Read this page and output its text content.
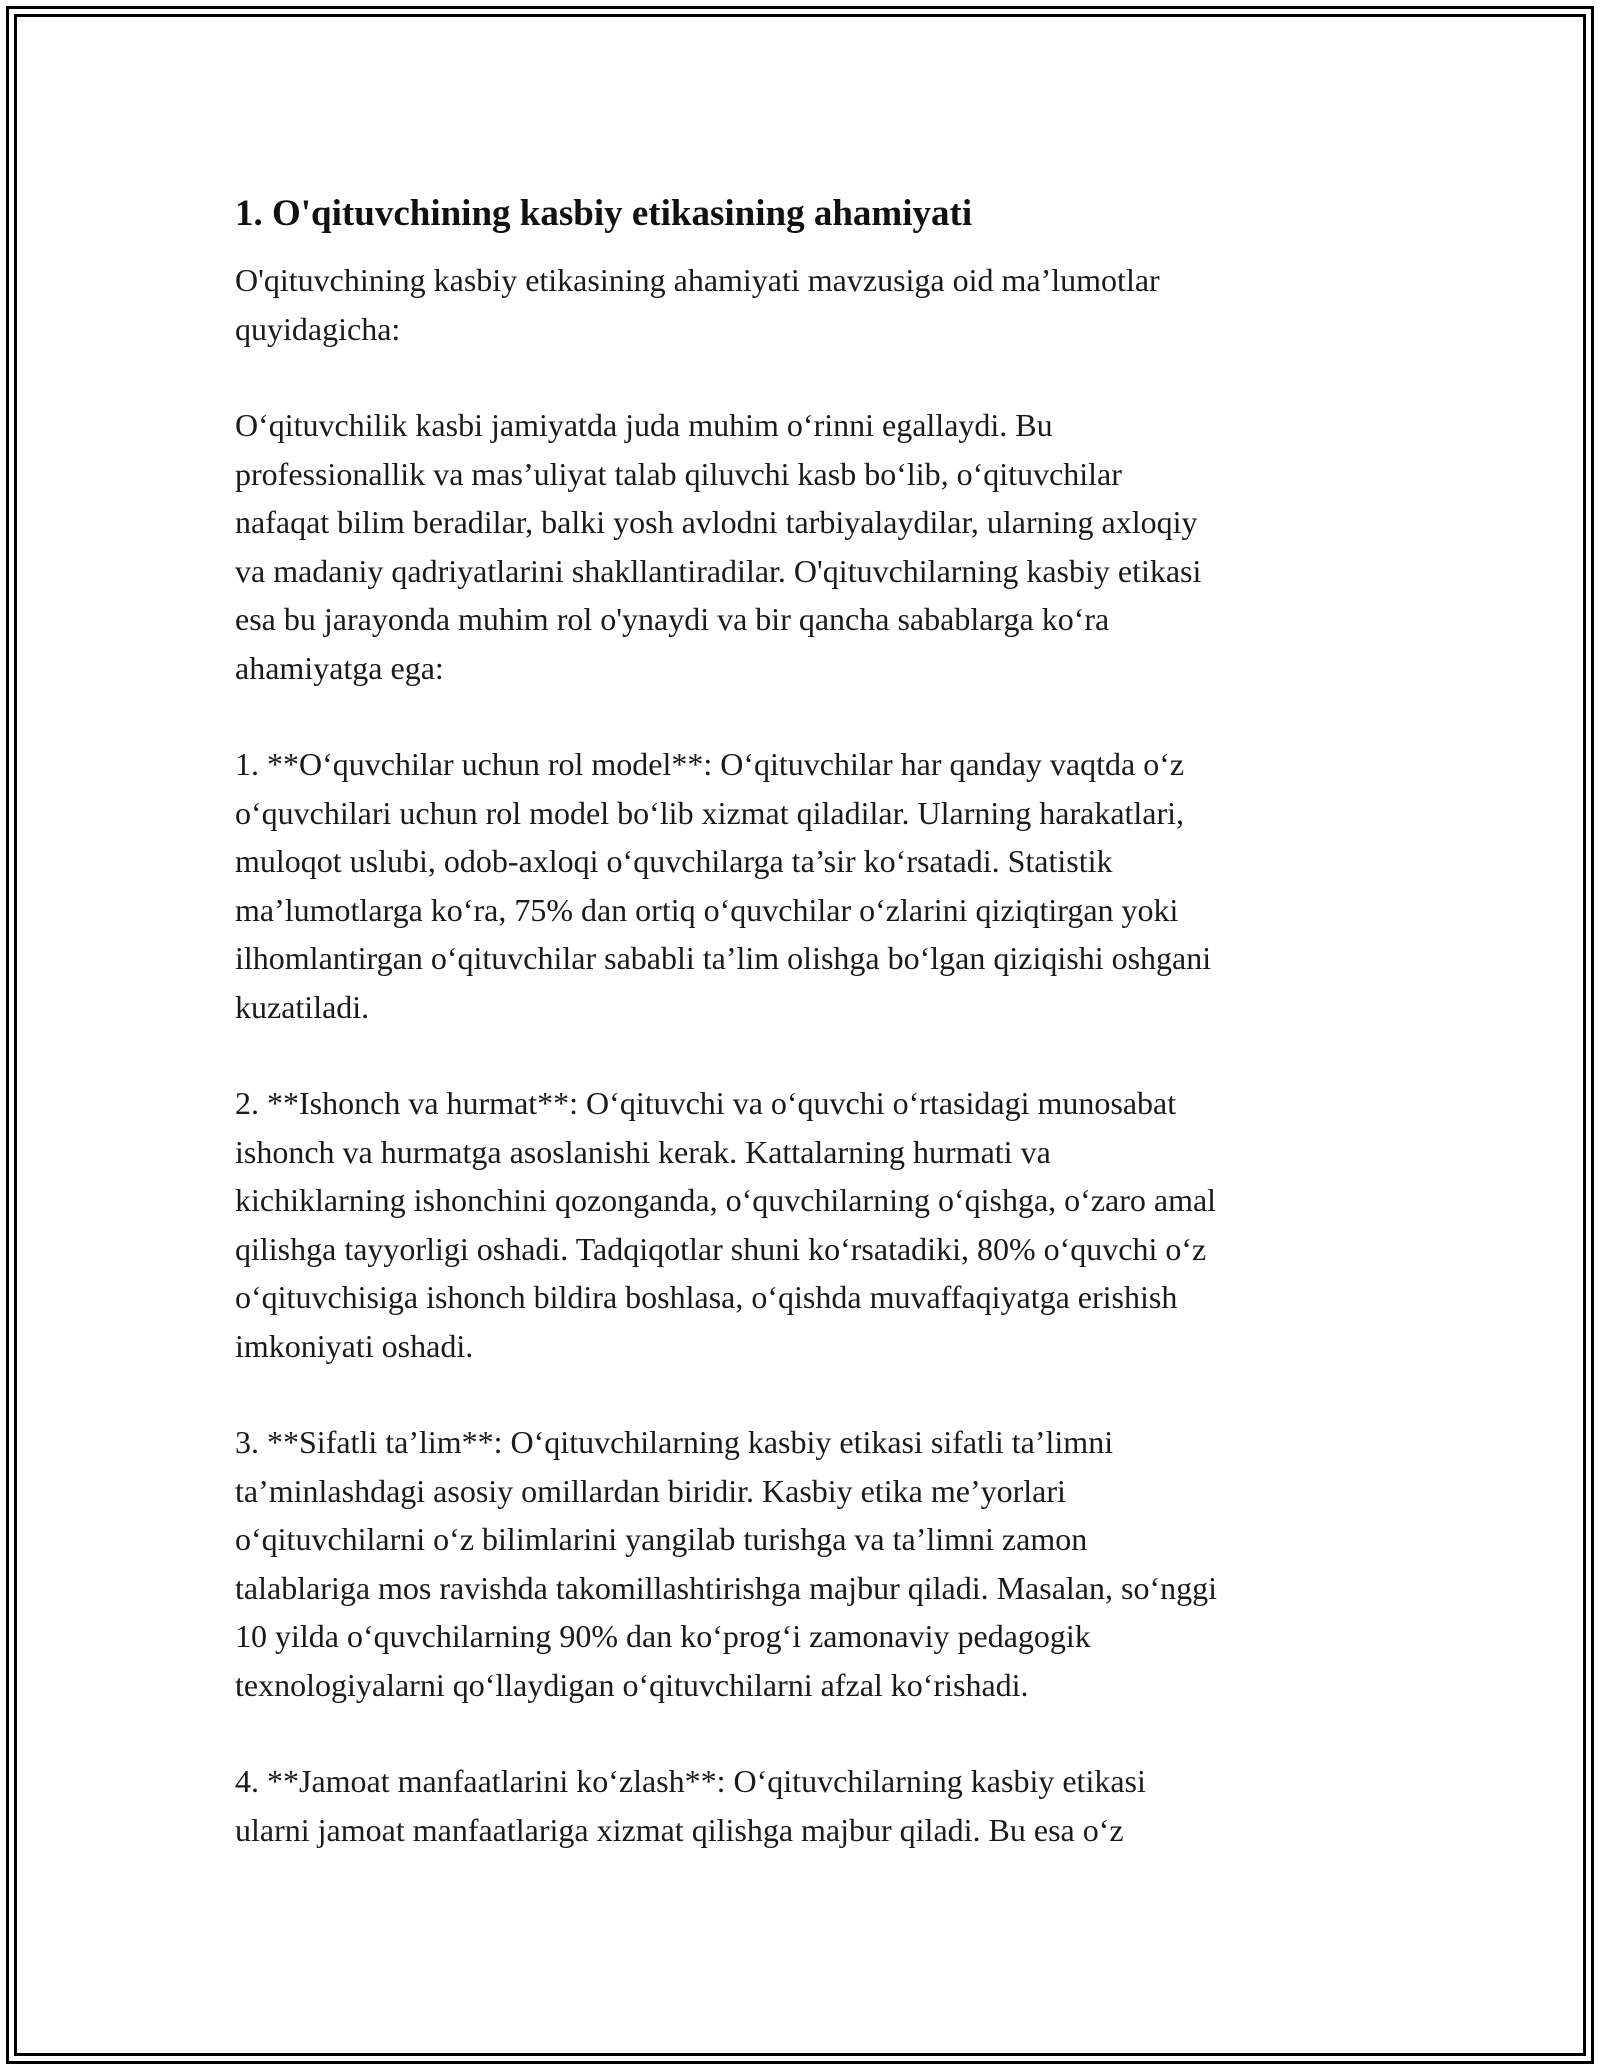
1. O'qituvchining kasbiy etikasining ahamiyati

O'qituvchining kasbiy etikasining ahamiyati mavzusiga oid ma’lumotlar
quyidagicha:

O‘qituvchilik kasbi jamiyatda juda muhim o‘rinni egallaydi. Bu
professionallik va mas’uliyat talab qiluvchi kasb bo‘lib, o‘qituvchilar
nafaqat bilim beradilar, balki yosh avlodni tarbiyalaydilar, ularning axloqiy
va madaniy qadriyatlarini shakllantiradilar. O'qituvchilarning kasbiy etikasi
esa bu jarayonda muhim rol o'ynaydi va bir qancha sabablarga ko‘ra
ahamiyatga ega:

1. **O‘quvchilar uchun rol model**: O‘qituvchilar har qanday vaqtda o‘z
o‘quvchilari uchun rol model bo‘lib xizmat qiladilar. Ularning harakatlari,
muloqot uslubi, odob-axloqi o‘quvchilarga ta’sir ko‘rsatadi. Statistik
ma’lumotlarga ko‘ra, 75% dan ortiq o‘quvchilar o‘zlarini qiziqtirgan yoki
ilhomlantirgan o‘qituvchilar sababli ta’lim olishga bo‘lgan qiziqishi oshgani
kuzatiladi.

2. **Ishonch va hurmat**: O‘qituvchi va o‘quvchi o‘rtasidagi munosabat
ishonch va hurmatga asoslanishi kerak. Kattalarning hurmati va
kichiklarning ishonchini qozonganda, o‘quvchilarning o‘qishga, o‘zaro amal
qilishga tayyorligi oshadi. Tadqiqotlar shuni ko‘rsatadiki, 80% o‘quvchi o‘z
o‘qituvchisiga ishonch bildira boshlasa, o‘qishda muvaffaqiyatga erishish
imkoniyati oshadi.

3. **Sifatli ta’lim**: O‘qituvchilarning kasbiy etikasi sifatli ta’limni
ta’minlashdagi asosiy omillardan biridir. Kasbiy etika me’yorlari
o‘qituvchilarni o‘z bilimlarini yangilab turishga va ta’limni zamon
talablariga mos ravishda takomillashtirishga majbur qiladi. Masalan, so‘nggi
10 yilda o‘quvchilarning 90% dan ko‘prog‘i zamonaviy pedagogik
texnologiyalarni qo‘llaydigan o‘qituvchilarni afzal ko‘rishadi.

4. **Jamoat manfaatlarini ko‘zlash**: O‘qituvchilarning kasbiy etikasi
ularni jamoat manfaatlariga xizmat qilishga majbur qiladi. Bu esa o‘z
